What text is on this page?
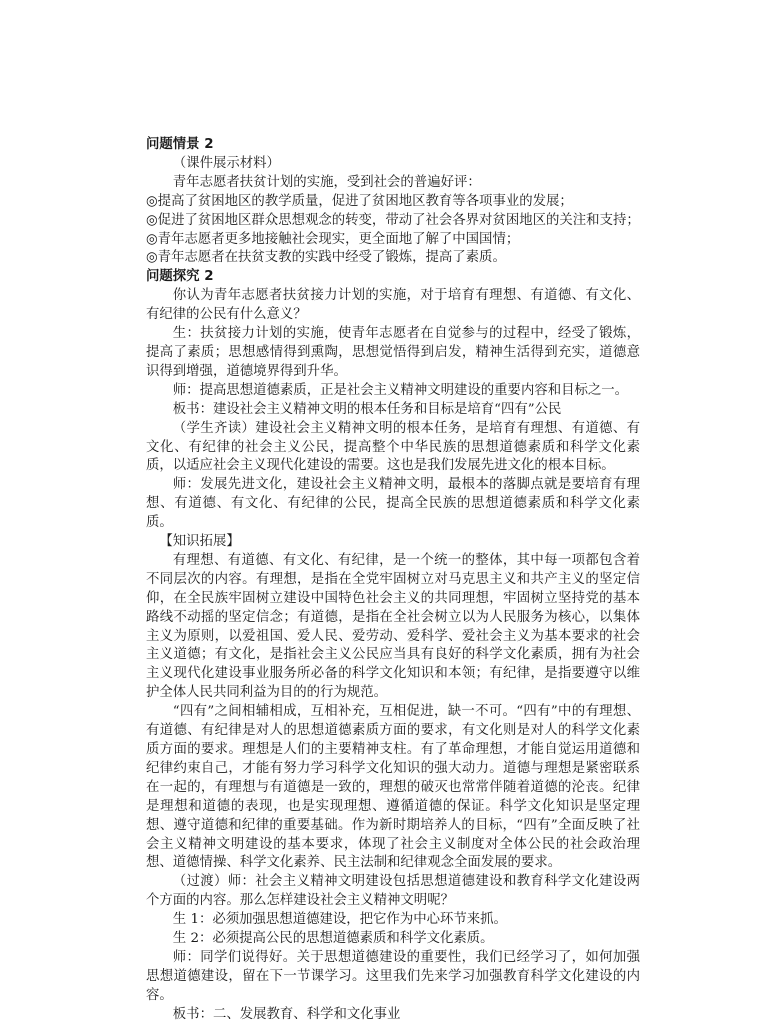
问题情景 2

（课件展示材料）

青年志愿者扶贫计划的实施，受到社会的普遍好评：

◎提高了贫困地区的教学质量，促进了贫困地区教育等各项事业的发展；

◎促进了贫困地区群众思想观念的转变，带动了社会各界对贫困地区的关注和支持；

◎青年志愿者更多地接触社会现实，更全面地了解了中国国情；

◎青年志愿者在扶贫支教的实践中经受了锻炼，提高了素质。

问题探究 2

你认为青年志愿者扶贫接力计划的实施，对于培育有理想、有道德、有文化、有纪律的公民有什么意义？

生：扶贫接力计划的实施，使青年志愿者在自觉参与的过程中，经受了锻炼，提高了素质；思想感情得到熏陶，思想觉悟得到启发，精神生活得到充实，道德意识得到增强，道德境界得到升华。

师：提高思想道德素质，正是社会主义精神文明建设的重要内容和目标之一。

板书：建设社会主义精神文明的根本任务和目标是培育“四有”公民

（学生齐读）建设社会主义精神文明的根本任务，是培育有理想、有道德、有文化、有纪律的社会主义公民，提高整个中华民族的思想道德素质和科学文化素质，以适应社会主义现代化建设的需要。这也是我们发展先进文化的根本目标。

师：发展先进文化，建设社会主义精神文明，最根本的落脚点就是要培育有理想、有道德、有文化、有纪律的公民，提高全民族的思想道德素质和科学文化素质。

【知识拓展】

有理想、有道德、有文化、有纪律，是一个统一的整体，其中每一项都包含着不同层次的内容。有理想，是指在全党牢固树立对马克思主义和共产主义的坚定信仰，在全民族牢固树立建设中国特色社会主义的共同理想，牢固树立坚持党的基本路线不动摇的坚定信念；有道德，是指在全社会树立以为人民服务为核心，以集体主义为原则，以爱祖国、爱人民、爱劳动、爱科学、爱社会主义为基本要求的社会主义道德；有文化，是指社会主义公民应当具有良好的科学文化素质，拥有为社会主义现代化建设事业服务所必备的科学文化知识和本领；有纪律，是指要遵守以维护全体人民共同利益为目的的行为规范。

“四有”之间相辅相成，互相补充，互相促进，缺一不可。“四有”中的有理想、有道德、有纪律是对人的思想道德素质方面的要求，有文化则是对人的科学文化素质方面的要求。理想是人们的主要精神支柱。有了革命理想，才能自觉运用道德和纪律约束自己，才能有努力学习科学文化知识的强大动力。道德与理想是紧密联系在一起的，有理想与有道德是一致的，理想的破灭也常常伴随着道德的沦丧。纪律是理想和道德的表现，也是实现理想、遵循道德的保证。科学文化知识是坚定理想、遵守道德和纪律的重要基础。作为新时期培养人的目标，“四有”全面反映了社会主义精神文明建设的基本要求，体现了社会主义制度对全体公民的社会政治理想、道德情操、科学文化素养、民主法制和纪律观念全面发展的要求。

（过渡）师：社会主义精神文明建设包括思想道德建设和教育科学文化建设两个方面的内容。那么怎样建设社会主义精神文明呢？

生 1：必须加强思想道德建设，把它作为中心环节来抓。

生 2：必须提高公民的思想道德素质和科学文化素质。

师：同学们说得好。关于思想道德建设的重要性，我们已经学习了，如何加强思想道德建设，留在下一节课学习。这里我们先来学习加强教育科学文化建设的内容。

板书：二、发展教育、科学和文化事业
